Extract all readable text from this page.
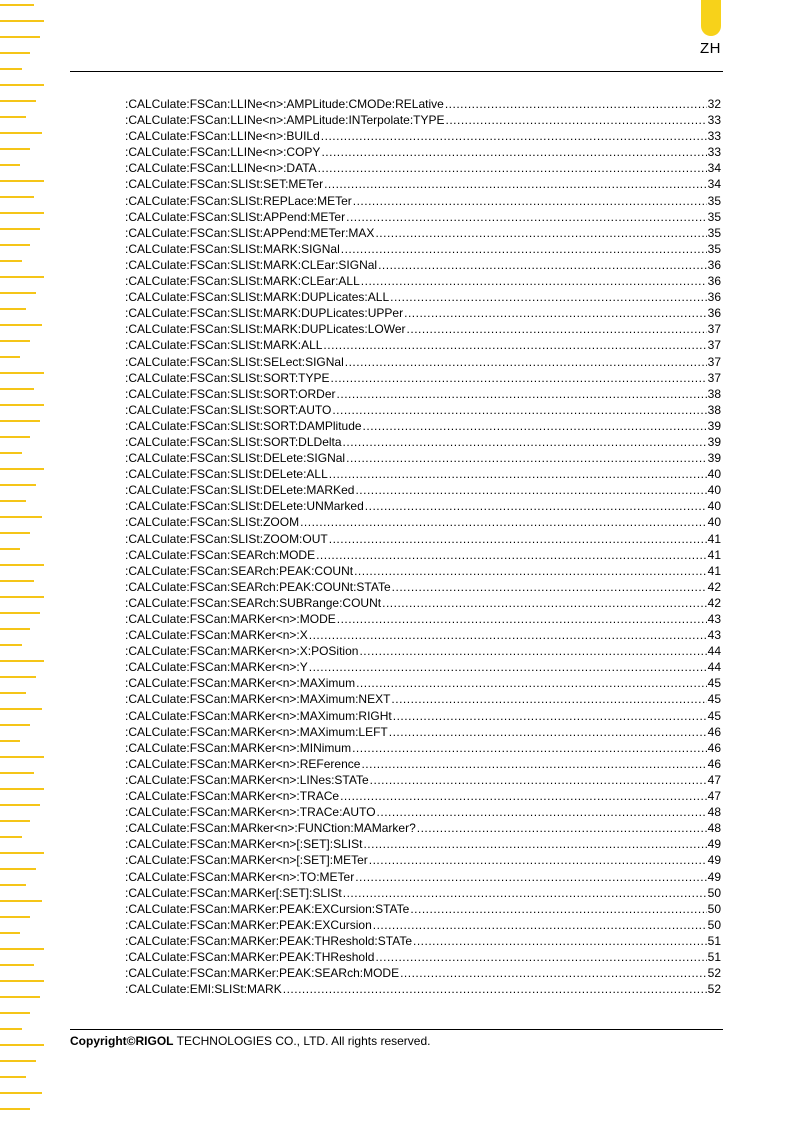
ZH
:CALCulate:FSCan:LLINe<n>:AMPLitude:CMODe:RELative .....	32
:CALCulate:FSCan:LLINe<n>:AMPLitude:INTerpolate:TYPE .....	33
:CALCulate:FSCan:LLINe<n>:BUILd .....	33
:CALCulate:FSCan:LLINe<n>:COPY .....	33
:CALCulate:FSCan:LLINe<n>:DATA .....	34
:CALCulate:FSCan:SLISt:SET:METer .....	34
:CALCulate:FSCan:SLISt:REPLace:METer .....	35
:CALCulate:FSCan:SLISt:APPend:METer .....	35
:CALCulate:FSCan:SLISt:APPend:METer:MAX .....	35
:CALCulate:FSCan:SLISt:MARK:SIGNal .....	35
:CALCulate:FSCan:SLISt:MARK:CLEar:SIGNal .....	36
:CALCulate:FSCan:SLISt:MARK:CLEar:ALL .....	36
:CALCulate:FSCan:SLISt:MARK:DUPLicates:ALL .....	36
:CALCulate:FSCan:SLISt:MARK:DUPLicates:UPPer .....	36
:CALCulate:FSCan:SLISt:MARK:DUPLicates:LOWer .....	37
:CALCulate:FSCan:SLISt:MARK:ALL .....	37
:CALCulate:FSCan:SLISt:SELect:SIGNal .....	37
:CALCulate:FSCan:SLISt:SORT:TYPE .....	37
:CALCulate:FSCan:SLISt:SORT:ORDer .....	38
:CALCulate:FSCan:SLISt:SORT:AUTO .....	38
:CALCulate:FSCan:SLISt:SORT:DAMPlitude .....	39
:CALCulate:FSCan:SLISt:SORT:DLDelta .....	39
:CALCulate:FSCan:SLISt:DELete:SIGNal .....	39
:CALCulate:FSCan:SLISt:DELete:ALL .....	40
:CALCulate:FSCan:SLISt:DELete:MARKed .....	40
:CALCulate:FSCan:SLISt:DELete:UNMarked .....	40
:CALCulate:FSCan:SLISt:ZOOM .....	40
:CALCulate:FSCan:SLISt:ZOOM:OUT .....	41
:CALCulate:FSCan:SEARch:MODE .....	41
:CALCulate:FSCan:SEARch:PEAK:COUNt .....	41
:CALCulate:FSCan:SEARch:PEAK:COUNt:STATe .....	42
:CALCulate:FSCan:SEARch:SUBRange:COUNt .....	42
:CALCulate:FSCan:MARKer<n>:MODE .....	43
:CALCulate:FSCan:MARKer<n>:X .....	43
:CALCulate:FSCan:MARKer<n>:X:POSition .....	44
:CALCulate:FSCan:MARKer<n>:Y .....	44
:CALCulate:FSCan:MARKer<n>:MAXimum .....	45
:CALCulate:FSCan:MARKer<n>:MAXimum:NEXT .....	45
:CALCulate:FSCan:MARKer<n>:MAXimum:RIGHt .....	45
:CALCulate:FSCan:MARKer<n>:MAXimum:LEFT .....	46
:CALCulate:FSCan:MARKer<n>:MINimum .....	46
:CALCulate:FSCan:MARKer<n>:REFerence .....	46
:CALCulate:FSCan:MARKer<n>:LINes:STATe .....	47
:CALCulate:FSCan:MARKer<n>:TRACe .....	47
:CALCulate:FSCan:MARKer<n>:TRACe:AUTO .....	48
:CALCulate:FSCan:MARker<n>:FUNCtion:MAMarker? .....	48
:CALCulate:FSCan:MARKer<n>[:SET]:SLISt .....	49
:CALCulate:FSCan:MARKer<n>[:SET]:METer .....	49
:CALCulate:FSCan:MARKer<n>:TO:METer .....	49
:CALCulate:FSCan:MARKer[:SET]:SLISt .....	50
:CALCulate:FSCan:MARKer:PEAK:EXCursion:STATe .....	50
:CALCulate:FSCan:MARKer:PEAK:EXCursion .....	50
:CALCulate:FSCan:MARKer:PEAK:THReshold:STATe .....	51
:CALCulate:FSCan:MARKer:PEAK:THReshold .....	51
:CALCulate:FSCan:MARKer:PEAK:SEARch:MODE .....	52
:CALCulate:EMI:SLISt:MARK .....	52
Copyright©RIGOL TECHNOLOGIES CO., LTD. All rights reserved.
